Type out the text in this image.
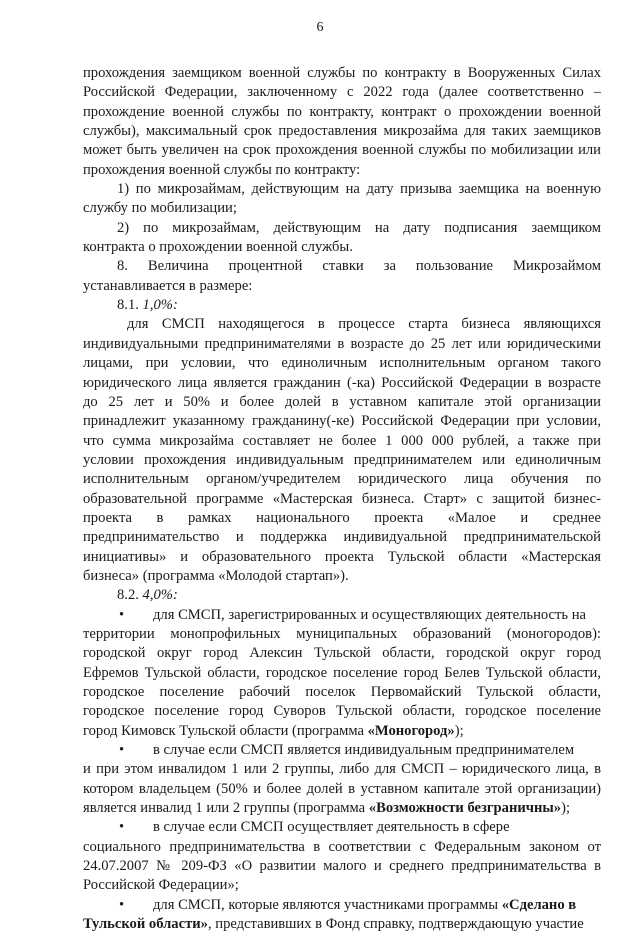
6
прохождения заемщиком военной службы по контракту в Вооруженных Силах
Российской Федерации, заключенному с 2022 года (далее соответственно –
прохождение военной службы по контракту, контракт о прохождении военной
службы), максимальный срок предоставления микрозайма для таких заемщиков
может быть увеличен на срок прохождения военной службы по мобилизации или
прохождения военной службы по контракту:
1) по микрозаймам, действующим на дату призыва заемщика на военную
службу по мобилизации;
2) по микрозаймам, действующим на дату подписания заемщиком
контракта о прохождении военной службы.
8. Величина процентной ставки за пользование Микрозаймом
устанавливается в размере:
8.1. 1,0%:
для СМСП находящегося в процессе старта бизнеса являющихся
индивидуальными предпринимателями в возрасте до 25 лет или юридическими
лицами, при условии, что единоличным исполнительным органом такого
юридического лица является гражданин (-ка) Российской Федерации в возрасте
до 25 лет и 50% и более долей в уставном капитале этой организации
принадлежит указанному гражданину(-ке) Российской Федерации при условии,
что сумма микрозайма составляет не более 1 000 000 рублей, а также при
условии прохождения индивидуальным предпринимателем или единоличным
исполнительным органом/учредителем юридического лица обучения по
образовательной программе «Мастерская бизнеса. Старт» с защитой бизнес-
проекта в рамках национального проекта «Малое и среднее
предпринимательство и поддержка индивидуальной предпринимательской
инициативы» и образовательного проекта Тульской области «Мастерская
бизнеса» (программа «Молодой стартап»).
8.2. 4,0%:
• для СМСП, зарегистрированных и осуществляющих деятельность на
территории монопрофильных муниципальных образований (моногородов):
городской округ город Алексин Тульской области, городской округ город
Ефремов Тульской области, городское поселение город Белев Тульской области,
городское поселение рабочий поселок Первомайский Тульской области,
городское поселение город Суворов Тульской области, городское поселение
город Кимовск Тульской области (программа «Моногород»);
• в случае если СМСП является индивидуальным предпринимателем
и при этом инвалидом 1 или 2 группы, либо для СМСП – юридического лица, в
котором владельцем (50% и более долей в уставном капитале этой организации)
является инвалид 1 или 2 группы (программа «Возможности безграничны»);
• в случае если СМСП осуществляет деятельность в сфере
социального предпринимательства в соответствии с Федеральным законом от
24.07.2007 № 209-ФЗ «О развитии малого и среднего предпринимательства в
Российской Федерации»;
• для СМСП, которые являются участниками программы «Сделано в
Тульской области», представивших в Фонд справку, подтверждающую участие
